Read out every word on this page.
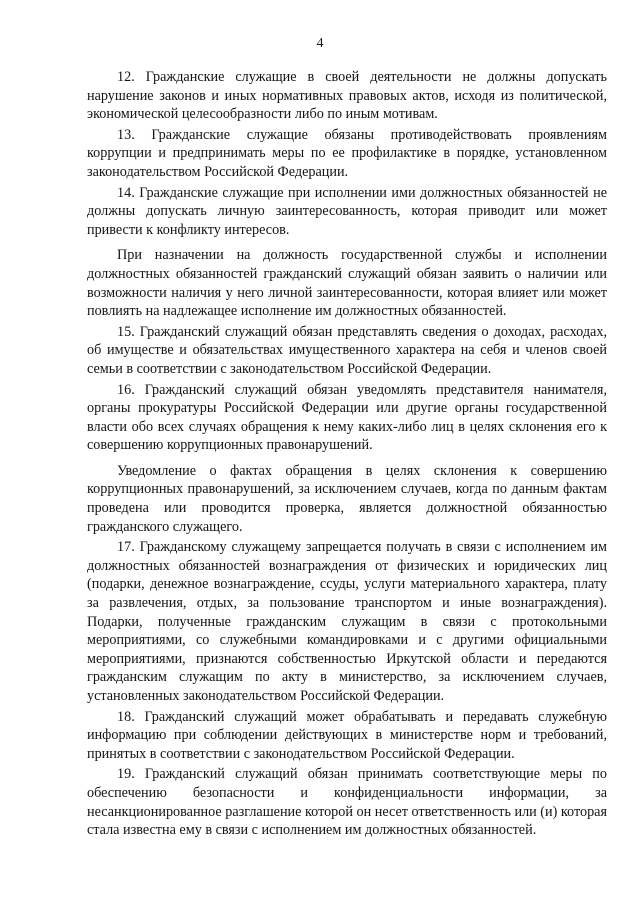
4

12. Гражданские служащие в своей деятельности не должны допускать нарушение законов и иных нормативных правовых актов, исходя из политической, экономической целесообразности либо по иным мотивам.

13. Гражданские служащие обязаны противодействовать проявлениям коррупции и предпринимать меры по ее профилактике в порядке, установленном законодательством Российской Федерации.

14. Гражданские служащие при исполнении ими должностных обязанностей не должны допускать личную заинтересованность, которая приводит или может привести к конфликту интересов.

При назначении на должность государственной службы и исполнении должностных обязанностей гражданский служащий обязан заявить о наличии или возможности наличия у него личной заинтересованности, которая влияет или может повлиять на надлежащее исполнение им должностных обязанностей.

15. Гражданский служащий обязан представлять сведения о доходах, расходах, об имуществе и обязательствах имущественного характера на себя и членов своей семьи в соответствии с законодательством Российской Федерации.

16. Гражданский служащий обязан уведомлять представителя нанимателя, органы прокуратуры Российской Федерации или другие органы государственной власти обо всех случаях обращения к нему каких-либо лиц в целях склонения его к совершению коррупционных правонарушений.

Уведомление о фактах обращения в целях склонения к совершению коррупционных правонарушений, за исключением случаев, когда по данным фактам проведена или проводится проверка, является должностной обязанностью гражданского служащего.

17. Гражданскому служащему запрещается получать в связи с исполнением им должностных обязанностей вознаграждения от физических и юридических лиц (подарки, денежное вознаграждение, ссуды, услуги материального характера, плату за развлечения, отдых, за пользование транспортом и иные вознаграждения). Подарки, полученные гражданским служащим в связи с протокольными мероприятиями, со служебными командировками и с другими официальными мероприятиями, признаются собственностью Иркутской области и передаются гражданским служащим по акту в министерство, за исключением случаев, установленных законодательством Российской Федерации.

18. Гражданский служащий может обрабатывать и передавать служебную информацию при соблюдении действующих в министерстве норм и требований, принятых в соответствии с законодательством Российской Федерации.

19. Гражданский служащий обязан принимать соответствующие меры по обеспечению безопасности и конфиденциальности информации, за несанкционированное разглашение которой он несет ответственность или (и) которая стала известна ему в связи с исполнением им должностных обязанностей.
